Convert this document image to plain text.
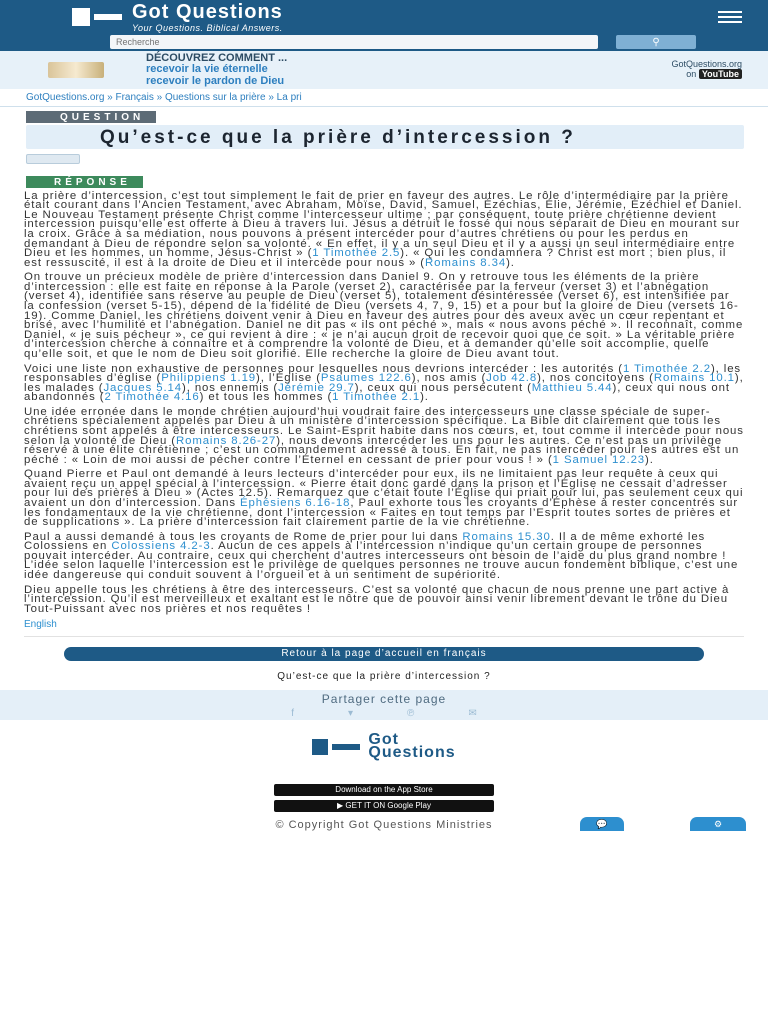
Got Questions
Your Questions. Biblical Answers.
Recherche
⚲
DÉCOUVREZ COMMENT ...
recevoir la vie éternelle
recevoir le pardon de Dieu
GotQuestions.org
on YouTube
GotQuestions.org » Français » Questions sur la prière » La pri
QUESTION
Qu’est-ce que la prière d’intercession ?

RÉPONSE

La prière d’intercession, c’est tout simplement le fait de prier en faveur des autres. Le rôle d’intermédiaire par la prière était courant dans l’Ancien Testament, avec Abraham, Moïse, David, Samuel, Ézéchias, Élie, Jérémie, Ézéchiel et Daniel. Le Nouveau Testament présente Christ comme l’intercesseur ultime ; par conséquent, toute prière chrétienne devient intercession puisqu’elle est offerte à Dieu à travers lui. Jésus a détruit le fossé qui nous séparait de Dieu en mourant sur la croix. Grâce à sa médiation, nous pouvons à présent intercéder pour d’autres chrétiens ou pour les perdus en demandant à Dieu de répondre selon sa volonté. « En effet, il y a un seul Dieu et il y a aussi un seul intermédiaire entre Dieu et les hommes, un homme, Jésus-Christ » (1 Timothée 2.5). « Qui les condamnera ? Christ est mort ; bien plus, il est ressuscité, il est à la droite de Dieu et il intercède pour nous » (Romains 8.34).

On trouve un précieux modèle de prière d’intercession dans Daniel 9. On y retrouve tous les éléments de la prière d’intercession : elle est faite en réponse à la Parole (verset 2), caractérisée par la ferveur (verset 3) et l’abnégation (verset 4), identifiée sans réserve au peuple de Dieu (verset 5), totalement désintéressée (verset 6), est intensifiée par la confession (verset 5-15), dépend de la fidélité de Dieu (versets 4, 7, 9, 15) et a pour but la gloire de Dieu (versets 16-19). Comme Daniel, les chrétiens doivent venir à Dieu en faveur des autres pour des aveux avec un cœur repentant et brisé, avec l’humilité et l’abnégation. Daniel ne dit pas « ils ont péché », mais « nous avons péché ». Il reconnaît, comme Daniel, « je suis pécheur », ce qui revient à dire : « je n’ai aucun droit de recevoir quoi que ce soit. » La véritable prière d’intercession cherche à connaître et à comprendre la volonté de Dieu, et à demander qu’elle soit accomplie, quelle qu’elle soit, et que le nom de Dieu soit glorifié. Elle recherche la gloire de Dieu avant tout.

Voici une liste non exhaustive de personnes pour lesquelles nous devrions intercéder : les autorités (1 Timothée 2.2), les responsables d’église (Philippiens 1.19), l’Église (Psaumes 122.6), nos amis (Job 42.8), nos concitoyens (Romains 10.1), les malades (Jacques 5.14), nos ennemis (Jérémie 29.7), ceux qui nous persécutent (Matthieu 5.44), ceux qui nous ont abandonnés (2 Timothée 4.16) et tous les hommes (1 Timothée 2.1).

Une idée erronée dans le monde chrétien aujourd’hui voudrait faire des intercesseurs une classe spéciale de super-chrétiens spécialement appelés par Dieu à un ministère d’intercession spécifique. La Bible dit clairement que tous les chrétiens sont appelés à être intercesseurs. Le Saint-Esprit habite dans nos cœurs, et, tout comme il intercède pour nous selon la volonté de Dieu (Romains 8.26-27), nous devons intercéder les uns pour les autres. Ce n’est pas un privilège réservé à une élite chrétienne ; c’est un commandement adressé à tous. En fait, ne pas intercéder pour les autres est un péché : « Loin de moi aussi de pécher contre l’Éternel en cessant de prier pour vous ! » (1 Samuel 12.23).

Quand Pierre et Paul ont demandé à leurs lecteurs d’intercéder pour eux, ils ne limitaient pas leur requête à ceux qui avaient reçu un appel spécial à l’intercession. « Pierre était donc gardé dans la prison et l’Église ne cessait d’adresser pour lui des prières à Dieu » (Actes 12.5). Remarquez que c’était toute l’Église qui priait pour lui, pas seulement ceux qui avaient un don d’intercession. Dans Éphésiens 6.16-18, Paul exhorte tous les croyants d’Éphèse à rester concentrés sur les fondamentaux de la vie chrétienne, dont l’intercession « Faites en tout temps par l’Esprit toutes sortes de prières et de supplications ». La prière d’intercession fait clairement partie de la vie chrétienne.

Paul a aussi demandé à tous les croyants de Rome de prier pour lui dans Romains 15.30. Il a de même exhorté les Colossiens en Colossiens 4.2-3. Aucun de ces appels à l’intercession n’indique qu’un certain groupe de personnes pouvait intercéder. Au contraire, ceux qui cherchent d’autres intercesseurs ont besoin de l’aide du plus grand nombre ! L’idée selon laquelle l’intercession est le privilège de quelques personnes ne trouve aucun fondement biblique, c’est une idée dangereuse qui conduit souvent à l’orgueil et à un sentiment de supériorité.

Dieu appelle tous les chrétiens à être des intercesseurs. C’est sa volonté que chacun de nous prenne une part active à l’intercession. Qu’il est merveilleux et exaltant est le nôtre que de pouvoir ainsi venir librement devant le trône du Dieu Tout-Puissant avec nos prières et nos requêtes !

English
Retour à la page d’accueil en français
Qu’est-ce que la prière d’intercession ?
Partager cette page
f	▾	℗	✉
Got
Questions
Download on the App Store
▶ GET IT ON Google Play
© Copyright Got Questions Ministries	💬	⚙
